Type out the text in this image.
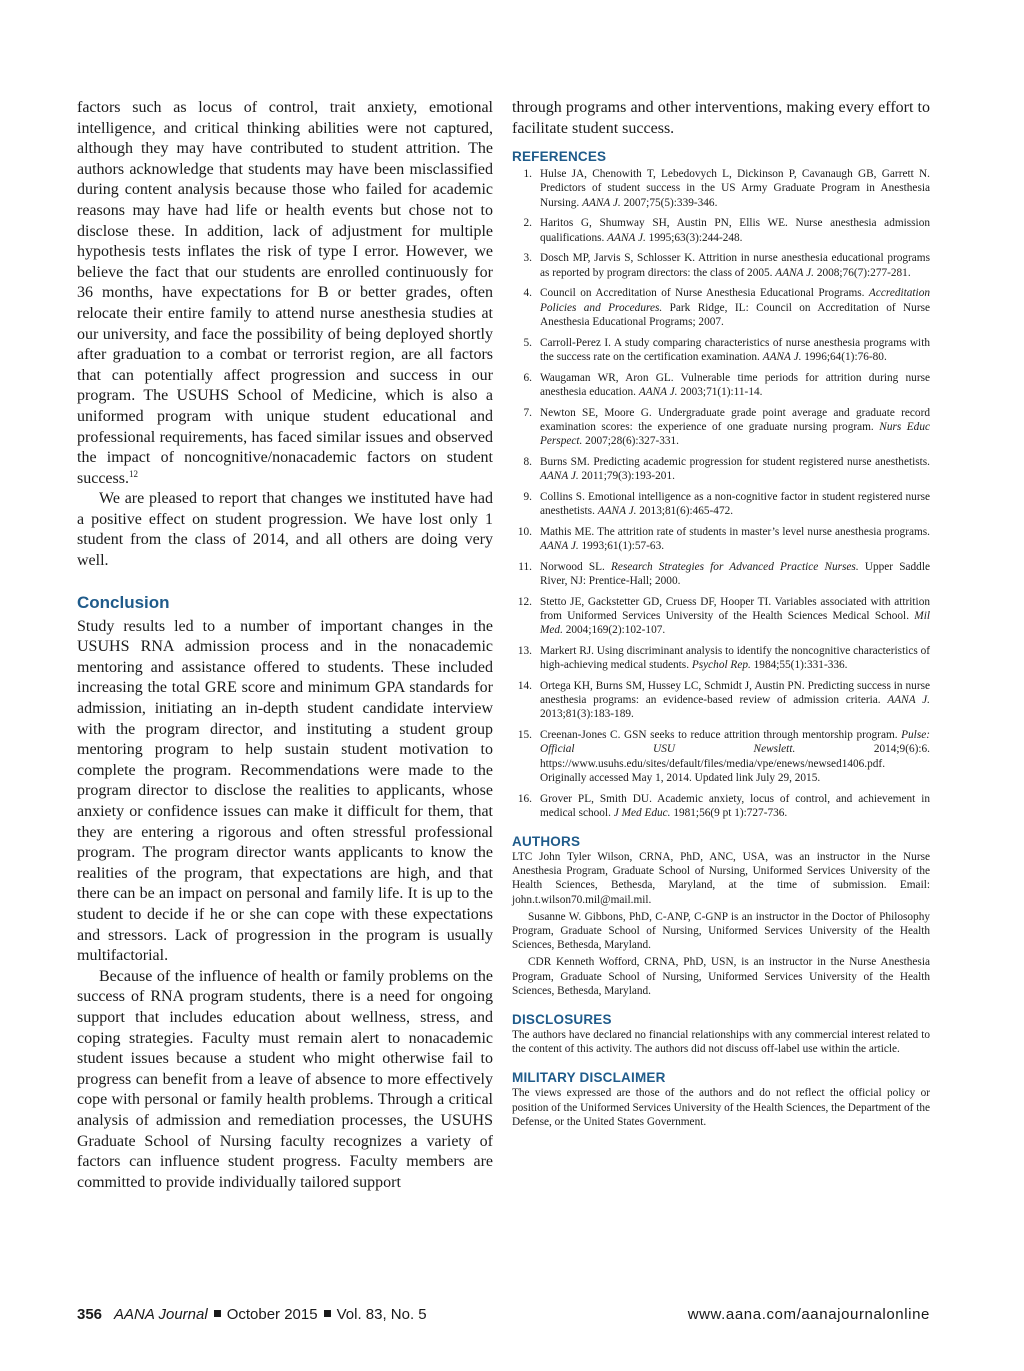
factors such as locus of control, trait anxiety, emotional intelligence, and critical thinking abilities were not captured, although they may have contributed to student attrition. The authors acknowledge that students may have been misclassified during content analysis because those who failed for academic reasons may have had life or health events but chose not to disclose these. In addition, lack of adjustment for multiple hypothesis tests inflates the risk of type I error. However, we believe the fact that our students are enrolled continuously for 36 months, have expectations for B or better grades, often relocate their entire family to attend nurse anesthesia studies at our university, and face the possibility of being deployed shortly after graduation to a combat or terrorist region, are all factors that can potentially affect progression and success in our program. The USUHS School of Medicine, which is also a uniformed program with unique student educational and professional requirements, has faced similar issues and observed the impact of noncognitive/nonacademic factors on student success.$^{12}$

We are pleased to report that changes we instituted have had a positive effect on student progression. We have lost only 1 student from the class of 2014, and all others are doing very well.

Conclusion

Study results led to a number of important changes in the USUHS RNA admission process and in the nonacademic mentoring and assistance offered to students. These included increasing the total GRE score and minimum GPA standards for admission, initiating an in-depth student candidate interview with the program director, and instituting a student group mentoring program to help sustain student motivation to complete the program. Recommendations were made to the program director to disclose the realities to applicants, whose anxiety or confidence issues can make it difficult for them, that they are entering a rigorous and often stressful professional program. The program director wants applicants to know the realities of the program, that expectations are high, and that there can be an impact on personal and family life. It is up to the student to decide if he or she can cope with these expectations and stressors. Lack of progression in the program is usually multifactorial.

Because of the influence of health or family problems on the success of RNA program students, there is a need for ongoing support that includes education about wellness, stress, and coping strategies. Faculty must remain alert to nonacademic student issues because a student who might otherwise fail to progress can benefit from a leave of absence to more effectively cope with personal or family health problems. Through a critical analysis of admission and remediation processes, the USUHS Graduate School of Nursing faculty recognizes a variety of factors can influence student progress. Faculty members are committed to provide individually tailored support

through programs and other interventions, making every effort to facilitate student success.

REFERENCES
1. Hulse JA, Chenowith T, Lebedovych L, Dickinson P, Cavanaugh GB, Garrett N. Predictors of student success in the US Army Graduate Program in Anesthesia Nursing. AANA J. 2007;75(5):339-346.
2. Haritos G, Shumway SH, Austin PN, Ellis WE. Nurse anesthesia admission qualifications. AANA J. 1995;63(3):244-248.
3. Dosch MP, Jarvis S, Schlosser K. Attrition in nurse anesthesia educational programs as reported by program directors: the class of 2005. AANA J. 2008;76(7):277-281.
4. Council on Accreditation of Nurse Anesthesia Educational Programs. Accreditation Policies and Procedures. Park Ridge, IL: Council on Accreditation of Nurse Anesthesia Educational Programs; 2007.
5. Carroll-Perez I. A study comparing characteristics of nurse anesthesia programs with the success rate on the certification examination. AANA J. 1996;64(1):76-80.
6. Waugaman WR, Aron GL. Vulnerable time periods for attrition during nurse anesthesia education. AANA J. 2003;71(1):11-14.
7. Newton SE, Moore G. Undergraduate grade point average and graduate record examination scores: the experience of one graduate nursing program. Nurs Educ Perspect. 2007;28(6):327-331.
8. Burns SM. Predicting academic progression for student registered nurse anesthetists. AANA J. 2011;79(3):193-201.
9. Collins S. Emotional intelligence as a non-cognitive factor in student registered nurse anesthetists. AANA J. 2013;81(6):465-472.
10. Mathis ME. The attrition rate of students in master’s level nurse anesthesia programs. AANA J. 1993;61(1):57-63.
11. Norwood SL. Research Strategies for Advanced Practice Nurses. Upper Saddle River, NJ: Prentice-Hall; 2000.
12. Stetto JE, Gackstetter GD, Cruess DF, Hooper TI. Variables associated with attrition from Uniformed Services University of the Health Sciences Medical School. Mil Med. 2004;169(2):102-107.
13. Markert RJ. Using discriminant analysis to identify the noncognitive characteristics of high-achieving medical students. Psychol Rep. 1984;55(1):331-336.
14. Ortega KH, Burns SM, Hussey LC, Schmidt J, Austin PN. Predicting success in nurse anesthesia programs: an evidence-based review of admission criteria. AANA J. 2013;81(3):183-189.
15. Creenan-Jones C. GSN seeks to reduce attrition through mentorship program. Pulse: Official USU Newslett. 2014;9(6):6. https://www.usuhs.edu/sites/default/files/media/vpe/enews/newsed1406.pdf. Originally accessed May 1, 2014. Updated link July 29, 2015.
16. Grover PL, Smith DU. Academic anxiety, locus of control, and achievement in medical school. J Med Educ. 1981;56(9 pt 1):727-736.
AUTHORS

LTC John Tyler Wilson, CRNA, PhD, ANC, USA, was an instructor in the Nurse Anesthesia Program, Graduate School of Nursing, Uniformed Services University of the Health Sciences, Bethesda, Maryland, at the time of submission. Email: john.t.wilson70.mil@mail.mil.

Susanne W. Gibbons, PhD, C-ANP, C-GNP is an instructor in the Doctor of Philosophy Program, Graduate School of Nursing, Uniformed Services University of the Health Sciences, Bethesda, Maryland.

CDR Kenneth Wofford, CRNA, PhD, USN, is an instructor in the Nurse Anesthesia Program, Graduate School of Nursing, Uniformed Services University of the Health Sciences, Bethesda, Maryland.

DISCLOSURES

The authors have declared no financial relationships with any commercial interest related to the content of this activity. The authors did not discuss off-label use within the article.

MILITARY DISCLAIMER

The views expressed are those of the authors and do not reflect the official policy or position of the Uniformed Services University of the Health Sciences, the Department of the Defense, or the United States Government.

356 AANA Journal October 2015 Vol. 83, No. 5	www.aana.com/aanajournalonline
